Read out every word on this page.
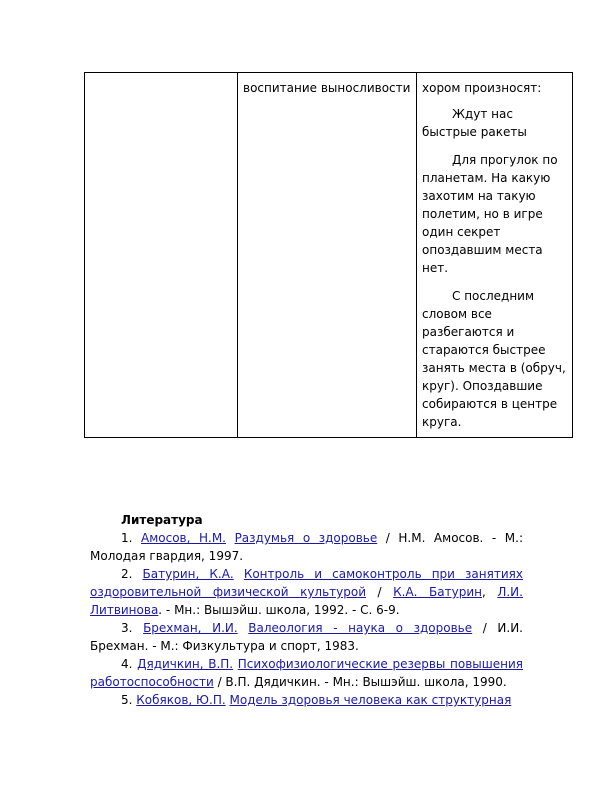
	воспитание выносливости	хором произносят:

Ждут нас быстрые ракеты

Для прогулок по планетам. На какую захотим на такую полетим, но в игре один секрет опоздавшим места нет.

С последним словом все разбегаются и стараются быстрее занять места в (обруч, круг). Опоздавшие собираются в центре круга.

Литература

1. Амосов, Н.М. Раздумья о здоровье / Н.М. Амосов. - М.: Молодая гвардия, 1997.

2. Батурин, К.А. Контроль и самоконтроль при занятиях оздоровительной физической культурой / К.А. Батурин, Л.И. Литвинова. - Мн.: Вышэйш. школа, 1992. - С. 6-9.

3. Брехман, И.И. Валеология - наука о здоровье / И.И. Брехман. - М.: Физкультура и спорт, 1983.

4. Дядичкин, В.П. Психофизиологические резервы повышения работоспособности / В.П. Дядичкин. - Мн.: Вышэйш. школа, 1990.

5. Кобяков, Ю.П. Модель здоровья человека как структурная
